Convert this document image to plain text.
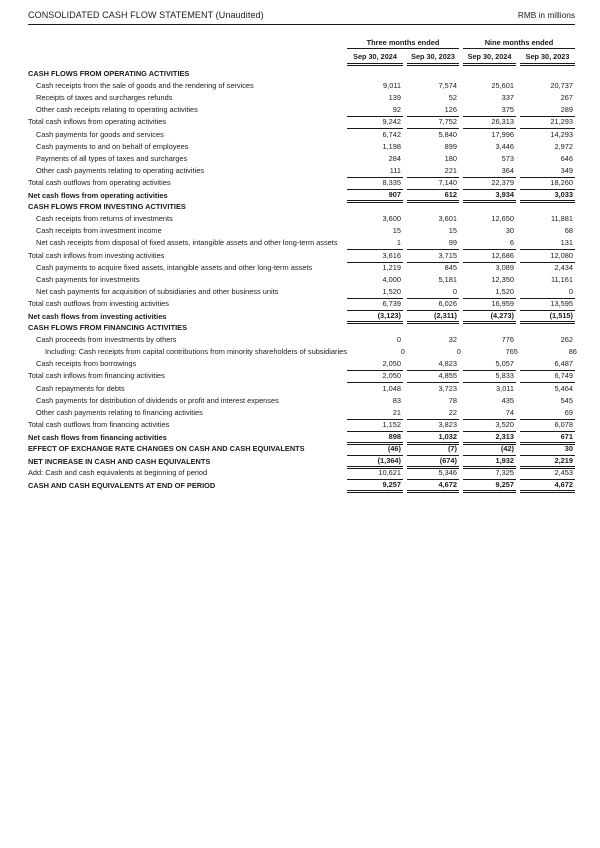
CONSOLIDATED CASH FLOW STATEMENT (Unaudited)	RMB in millions
Three months ended	Nine months ended
Sep 30, 2024	Sep 30, 2023	Sep 30, 2024	Sep 30, 2023
CASH FLOWS FROM OPERATING ACTIVITIES
Cash receipts from the sale of goods and the rendering of services	9,011	7,574	25,601	20,737
Receipts of taxes and surcharges refunds	139	52	337	267
Other cash receipts relating to operating activities	92	126	375	289
Total cash inflows from operating activities	9,242	7,752	26,313	21,293
Cash payments for goods and services	6,742	5,840	17,996	14,293
Cash payments to and on behalf of employees	1,198	899	3,446	2,972
Payments of all types of taxes and surcharges	284	180	573	646
Other cash payments relating to operating activities	111	221	364	349
Total cash outflows from operating activities	8,335	7,140	22,379	18,260
Net cash flows from operating activities	907	612	3,934	3,033
CASH FLOWS FROM INVESTING ACTIVITIES
Cash receipts from returns of investments	3,600	3,601	12,650	11,881
Cash receipts from investment income	15	15	30	68
Net cash receipts from disposal of fixed assets, intangible assets and other long-term assets	1	99	6	131
Total cash inflows from investing activities	3,616	3,715	12,686	12,080
Cash payments to acquire fixed assets, intangible assets and other long-term assets	1,219	845	3,089	2,434
Cash payments for investments	4,000	5,181	12,350	11,161
Net cash payments for acquisition of subsidiaries and other business units	1,520	0	1,520	0
Total cash outflows from investing activities	6,739	6,026	16,959	13,595
Net cash flows from investing activities	(3,123)	(2,311)	(4,273)	(1,515)
CASH FLOWS FROM FINANCING ACTIVITIES
Cash proceeds from investments by others	0	32	776	262
Including: Cash receipts from capital contributions from minority shareholders of subsidiaries	0	0	765	86
Cash receipts from borrowings	2,050	4,823	5,057	6,487
Total cash inflows from financing activities	2,050	4,855	5,833	6,749
Cash repayments for debts	1,048	3,723	3,011	5,464
Cash payments for distribution of dividends or profit and interest expenses	83	78	435	545
Other cash payments relating to financing activities	21	22	74	69
Total cash outflows from financing activities	1,152	3,823	3,520	6,078
Net cash flows from financing activities	898	1,032	2,313	671
EFFECT OF EXCHANGE RATE CHANGES ON CASH AND CASH EQUIVALENTS	(46)	(7)	(42)	30
NET INCREASE IN CASH AND CASH EQUIVALENTS	(1,364)	(674)	1,932	2,219
Add: Cash and cash equivalents at beginning of period	10,621	5,346	7,325	2,453
CASH AND CASH EQUIVALENTS AT END OF PERIOD	9,257	4,672	9,257	4,672
